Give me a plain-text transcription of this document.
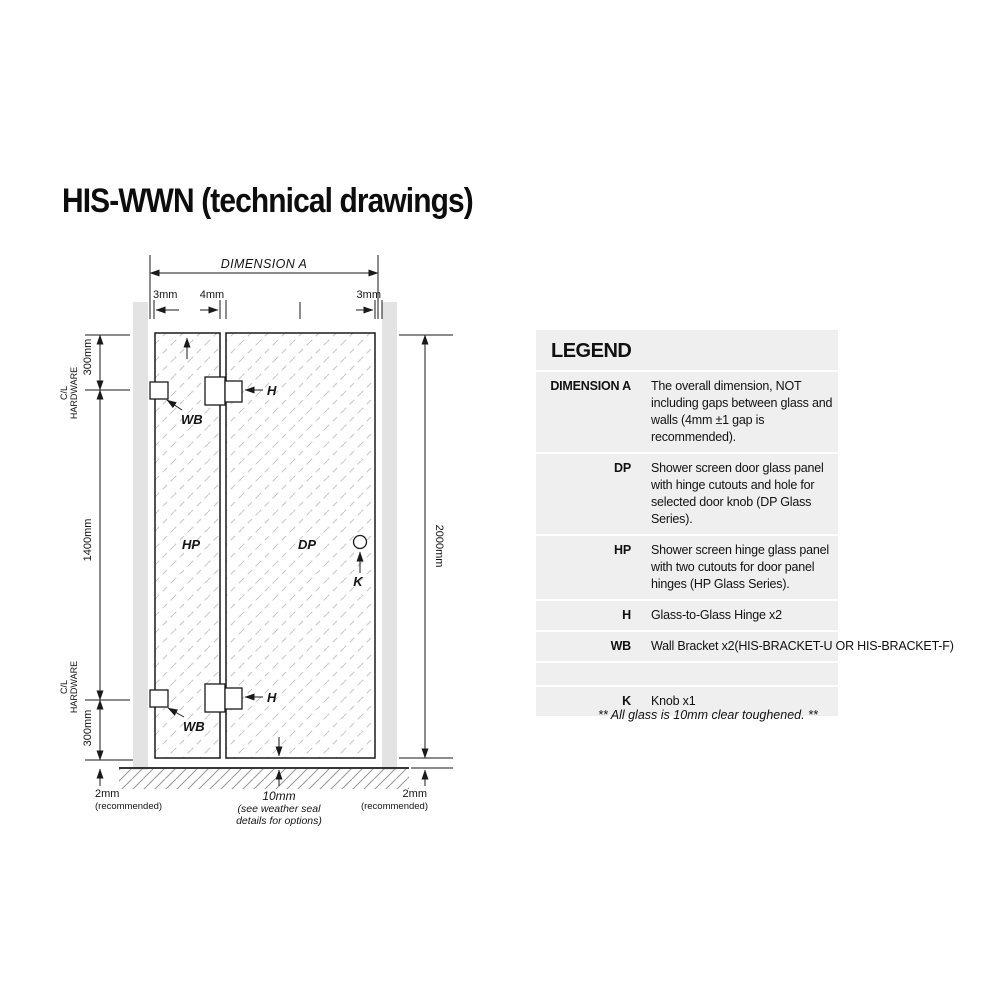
HIS-WWN (technical drawings)
DIMENSION A
3mm 4mm	3mm
300mm
C/L HARDWARE
1400mm
C/L HARDWARE
300mm
2mm
(recommended)
2000mm
2mm
(recommended)
10mm
(see weather seal
details for options)
WB
WB
H
H
K
HP	DP
LEGEND
DIMENSION A The overall dimension, NOT including gaps between glass and walls (4mm ±1 gap is recommended).
DP Shower screen door glass panel with hinge cutouts and hole for selected door knob (DP Glass Series).
HP Shower screen hinge glass panel with two cutouts for door panel hinges (HP Glass Series).
H Glass-to-Glass Hinge x2
WB Wall Bracket x2(HIS-BRACKET-U OR HIS-BRACKET-F)
K Knob x1
** All glass is 10mm clear toughened. **
